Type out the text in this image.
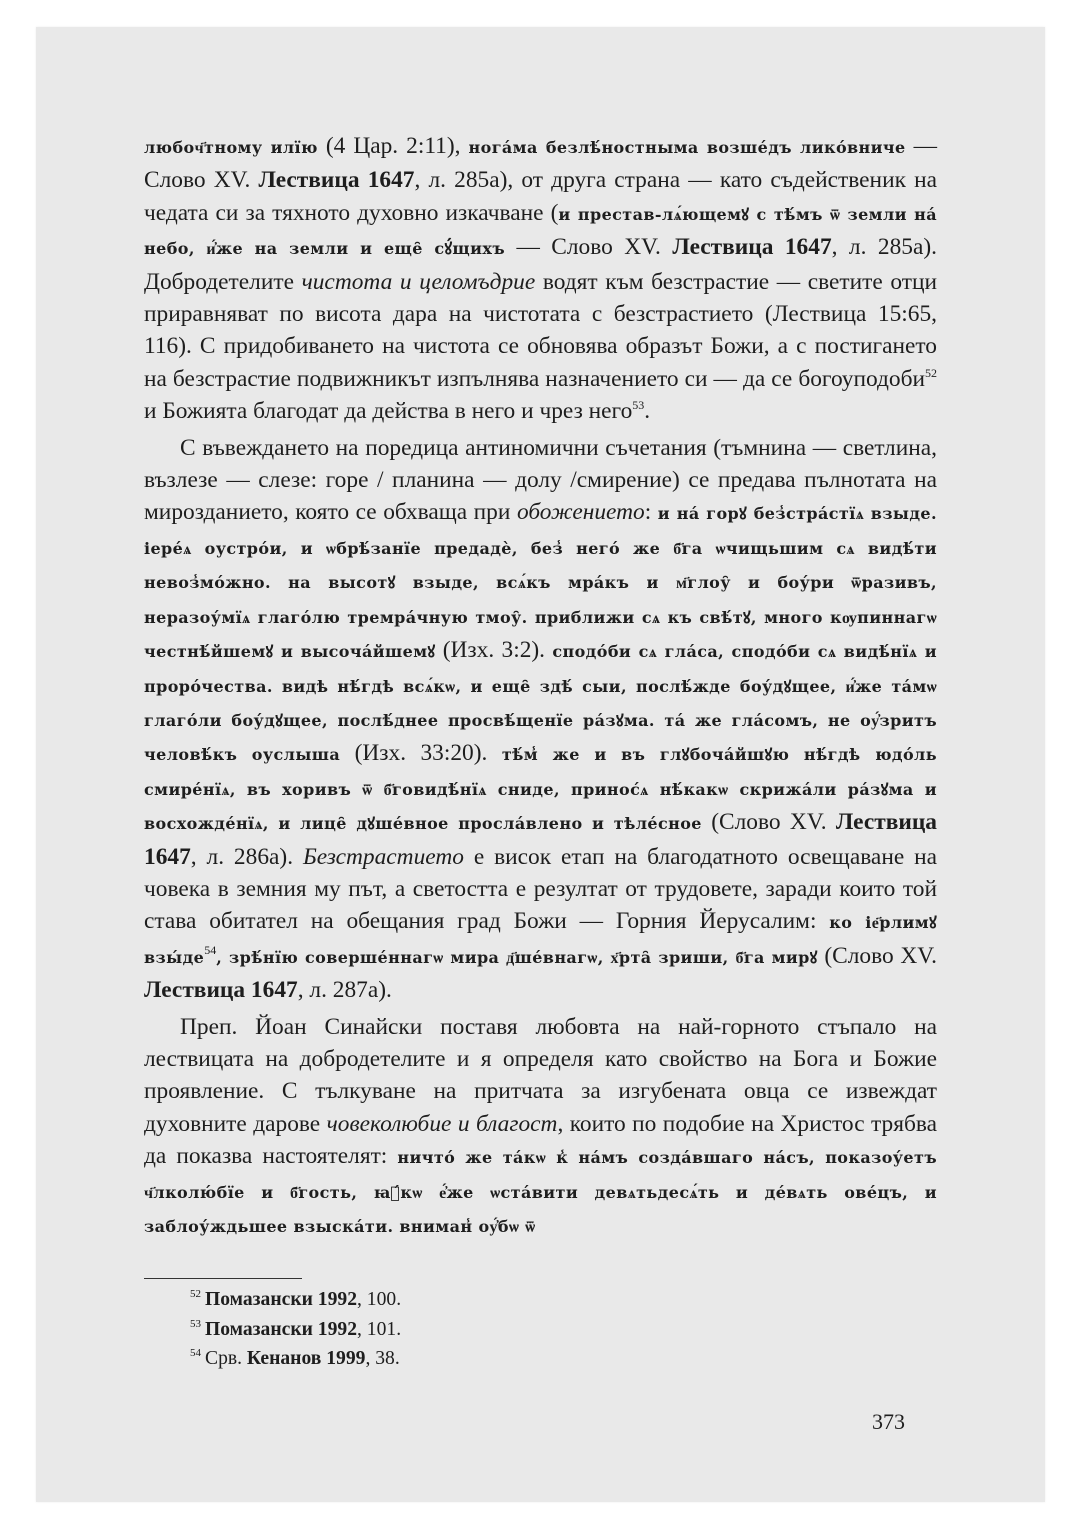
любоч҃тному илїю (4 Цар. 2:11), ногáма безлѣ́ностныма возшéдъ ликóвниче — Слово XV. Лествица 1647, л. 285а), от друга страна — като съдейственик на чедата си за тяхното духовно изкачване (и престав‐лѧ́ющемꙋ с тѣ́мъ ѿ земли нá небо, и҆́же на земли и еще̑ сꙋ́щихъ — Слово XV. Лествица 1647, л. 285а). Добродетелите чистота и целомъдрие водят към безстрастие — светите отци приравняват по висота дара на чистотата с безстрастието (Лествица 15:65, 116). С придобиването на чистота се обновява образът Божи, а с постигането на безстрастие подвижникът изпълнява назначението си — да се богоуподоби$^{52}$ и Божията благодат да действа в него и чрез него$^{53}$.

С въвеждането на поредица антиномични съчетания (тъмнина — светлина, възлезе — слезе: горе / планина — долу /смирение) се предава пълнотата на мирозданието, която се обхваща при обожението: и нá горꙋ без̾стрáстїѧ взыде. іерéѧ оустрóи, и ѡбрѣ́занїе предадѐ, без̾ негó же б҃га ѡчищьшим сѧ видѣ́ти невоз̾мóжно. на высотꙋ взыде, всѧ́къ мрáкъ и м҃глоу̑ и боу́ри ѿразивъ, неразоу́мїѧ глаго́лю тремрáчную тмоу̑. приближи сѧ къ свѣ́тꙋ, много кѹпиннагѡ честнѣ́йшемꙋ и высочáйшемꙋ (Изх. 3:2). сподóби сѧ глáса, сподóби сѧ видѣ́нїѧ и прорóчества. видѣ нѣ́гдѣ всѧ́кѡ, и еще̑ здѣ́ сыи, послѣ́жде боу́дꙋщее, и҆́же тáмѡ глаго́ли боу́дꙋщее, послѣ́днее просвѣ́щенїе рáзꙋма. тá же глáсомъ, не оу҆́зритъ человѣ́къ оуслыша (Изх. 33:20). тѣ́м̾ же и въ глꙋбочáйшꙋю нѣ́гдѣ юдо́ль смирéнїѧ, въ хоривъ ѿ б҃говидѣ́нїѧ сниде, принос́ѧ нѣ́какѡ скрижáли рáзꙋма и восхождéнїѧ, и лице̑ дꙋшéвное прослáвлено и тѣлéсное (Слово XV. Лествица 1647, л. 286а). Безстрастието е висок етап на благодатното освещаване на човека в земния му път, а светостта е резултат от трудовете, заради които той става обитател на обещания град Божи — Горния Йерусалим: ко іе҃рлимꙋ $взы́де^{54}$, зрѣ́нїю совершéннагѡ мира д҃шéвнагѡ, х҃рта̑ зриши, б҃га мирꙋ (Слово XV. Лествица 1647, л. 287а).

Преп. Йоан Синайски поставя любовта на най-горното стъпало на лествицата на добродетелите и я определя като свойство на Бога и Божие проявление. С тълкуване на притчата за изгубената овца се извеждат духовните дарове човеколюбие и благост, които по подобие на Христос трябва да показва настоятелят: ничтó же тáкѡ к̾ нáмъ создáвшаго нáсъ, показоу́етъ ч҃лколю́бїе и б҃гость, ꙗ҆́кѡ е҆́же ѡстáвити девѧтьдесѧ́ть и дéвѧть овéцъ, и заблоу́ждьшее взыскáти. вниман̾ оу҆́бѡ ѿ

$^{52}$ Помазански 1992, 100.
$^{53}$ Помазански 1992, 101.
$^{54}$ Срв. Кенанов 1999, 38.
373
